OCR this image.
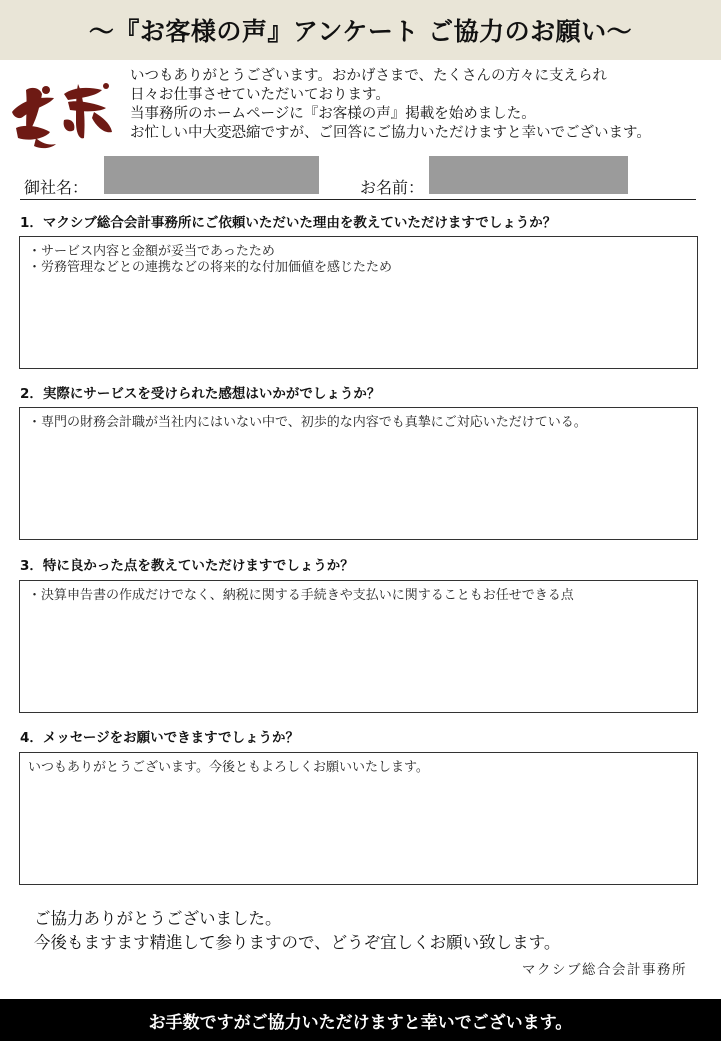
〜『お客様の声』アンケート ご協力のお願い〜
いつもありがとうございます。おかげさまで、たくさんの方々に支えられ
日々お仕事させていただいております。
当事務所のホームページに『お客様の声』掲載を始めました。
お忙しい中大変恐縮ですが、ご回答にご協力いただけますと幸いでございます。
御社名：	お名前：
1．マクシブ総合会計事務所にご依頼いただいた理由を教えていただけますでしょうか？
・サービス内容と金額が妥当であったため
・労務管理などとの連携などの将来的な付加価値を感じたため
2．実際にサービスを受けられた感想はいかがでしょうか？
・専門の財務会計職が当社内にはいない中で、初歩的な内容でも真摯にご対応いただけている。
3．特に良かった点を教えていただけますでしょうか？
・決算申告書の作成だけでなく、納税に関する手続きや支払いに関することもお任せできる点
4．メッセージをお願いできますでしょうか？
いつもありがとうございます。今後ともよろしくお願いいたします。
ご協力ありがとうございました。
今後もますます精進して参りますので、どうぞ宜しくお願い致します。
マクシブ総合会計事務所
お手数ですがご協力いただけますと幸いでございます。
